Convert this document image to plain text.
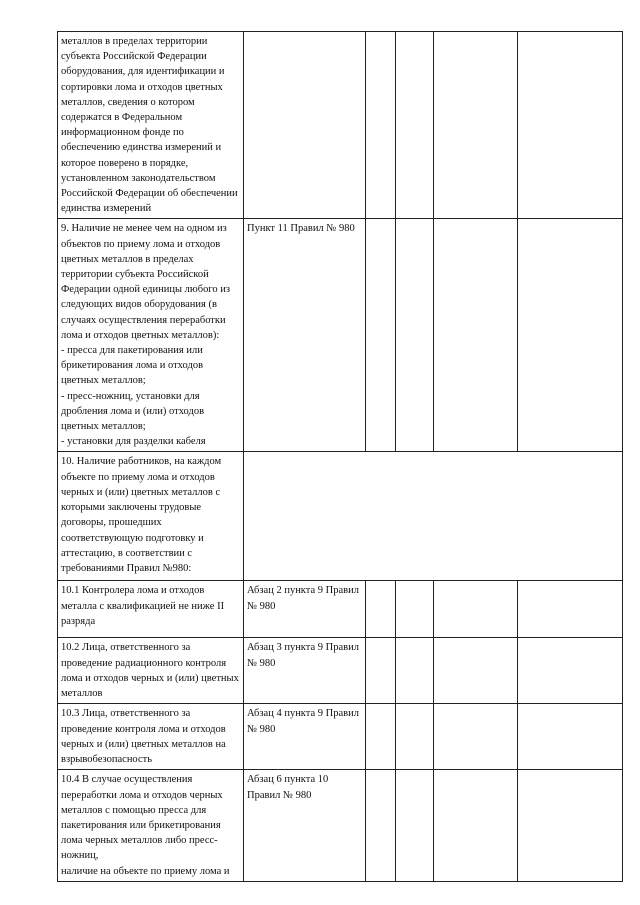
металлов в пределах территории субъекта Российской Федерации оборудования, для идентификации и сортировки лома и отходов цветных металлов, сведения о котором содержатся в Федеральном информационном фонде по обеспечению единства измерений и которое поверено в порядке, установленном законодательством Российской Федерации об обеспечении единства измерений					
9. Наличие не менее чем на одном из объектов по приему лома и отходов цветных металлов в пределах территории субъекта Российской Федерации одной единицы любого из следующих видов оборудования (в случаях осуществления переработки лома и отходов цветных металлов):
- пресса для пакетирования или брикетирования лома и отходов цветных металлов;
- пресс-ножниц, установки для дробления лома и (или) отходов цветных металлов;
- установки для разделки кабеля	Пункт 11 Правил № 980				
10. Наличие работников, на каждом объекте по приему лома и отходов черных и (или) цветных металлов с которыми заключены трудовые договоры, прошедших соответствующую подготовку и аттестацию, в соответствии с требованиями Правил №980:					
10.1 Контролера лома и отходов металла с квалификацией не ниже II разряда	Абзац 2 пункта 9 Правил № 980				
10.2 Лица, ответственного за проведение радиационного контроля лома и отходов черных и (или) цветных металлов	Абзац 3 пункта 9 Правил № 980				
10.3 Лица, ответственного за проведение контроля лома и отходов черных и (или) цветных металлов на взрывобезопасность	Абзац 4 пункта 9 Правил № 980				
10.4 В случае осуществления переработки лома и отходов черных металлов с помощью пресса для пакетирования или брикетирования лома черных металлов либо пресс-ножниц,
наличие на объекте по приему лома и	Абзац 6 пункта 10 Правил № 980				
